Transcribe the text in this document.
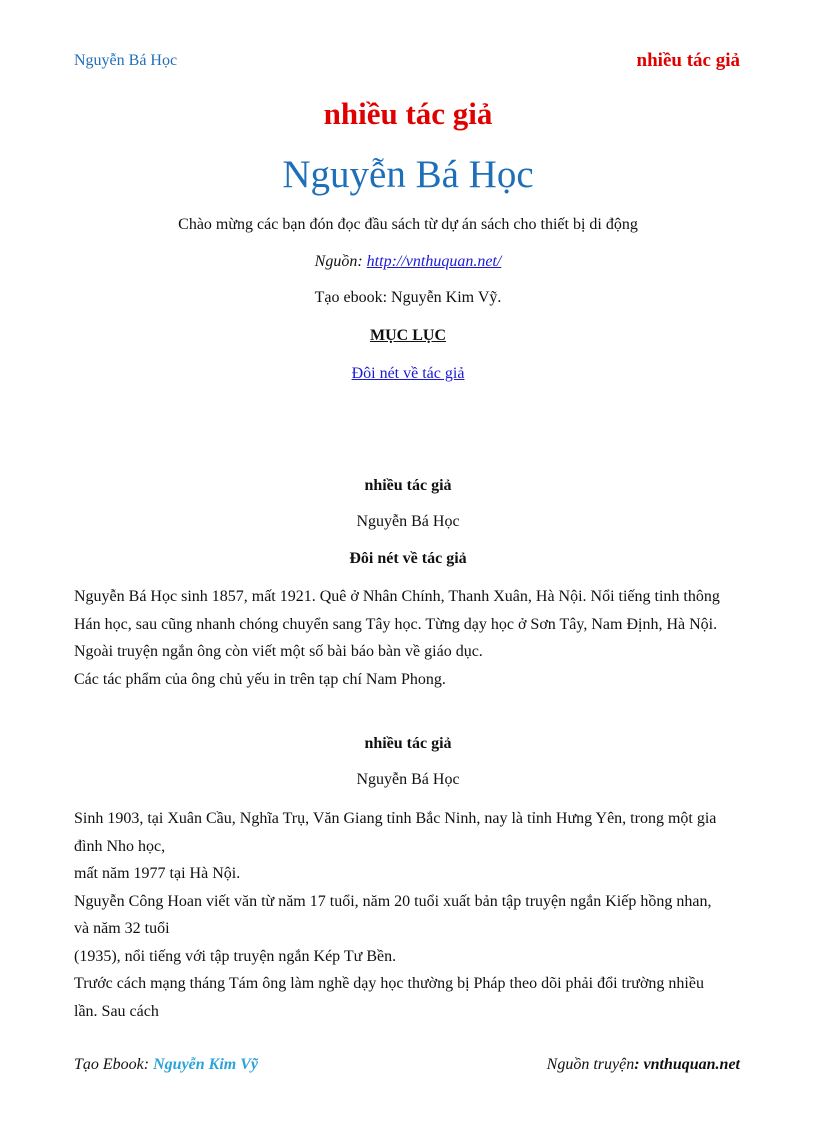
Nguyễn Bá Học	nhiều tác giả
nhiều tác giả
Nguyễn Bá Học
Chào mừng các bạn đón đọc đầu sách từ dự án sách cho thiết bị di động
Nguồn: http://vnthuquan.net/
Tạo ebook: Nguyễn Kim Vỹ.
MỤC LỤC
Đôi nét về tác giả
nhiều tác giả
Nguyễn Bá Học
Đôi nét về tác giả
Nguyễn Bá Học sinh 1857, mất 1921. Quê ở Nhân Chính, Thanh Xuân, Hà Nội. Nổi tiếng tinh thông
Hán học, sau cũng nhanh chóng chuyển sang Tây học. Từng dạy học ở Sơn Tây, Nam Định, Hà Nội.
Ngoài truyện ngắn ông còn viết một số bài báo bàn về giáo dục.
Các tác phẩm của ông chủ yếu in trên tạp chí Nam Phong.
nhiều tác giả
Nguyễn Bá Học
Sinh 1903, tại Xuân Cầu, Nghĩa Trụ, Văn Giang tỉnh Bắc Ninh, nay là tỉnh Hưng Yên, trong một gia
đình Nho học,
mất năm 1977 tại Hà Nội.
Nguyễn Công Hoan viết văn từ năm 17 tuổi, năm 20 tuổi xuất bản tập truyện ngắn Kiếp hồng nhan,
và năm 32 tuổi
(1935), nổi tiếng với tập truyện ngắn Kép Tư Bền.
Trước cách mạng tháng Tám ông làm nghề dạy học thường bị Pháp theo dõi phải đổi trường nhiều
lần. Sau cách
Tạo Ebook: Nguyễn Kim Vỹ	Nguồn truyện: vnthuquan.net
